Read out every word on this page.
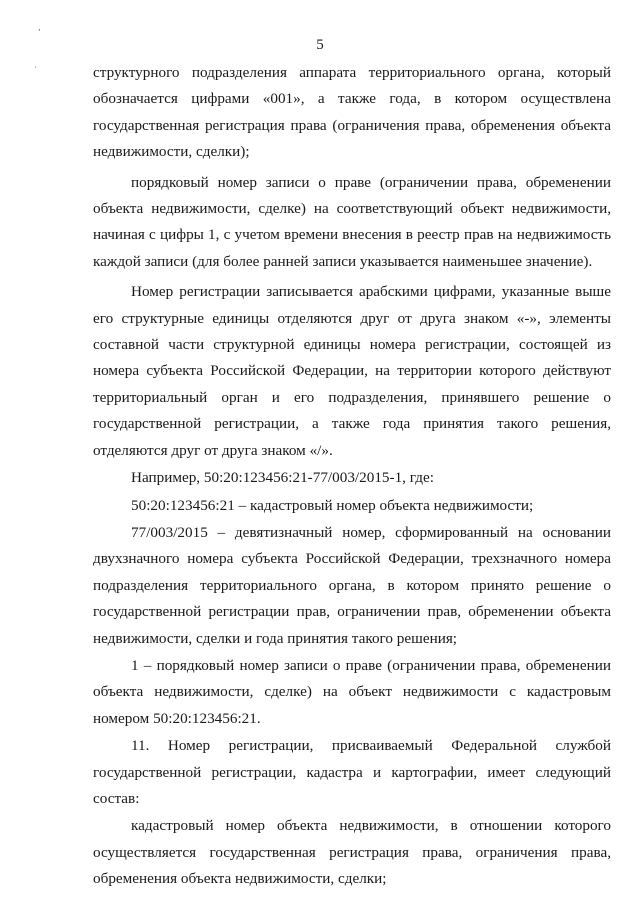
‚
·
5

структурного подразделения аппарата территориального органа, который обозначается цифрами «001», а также года, в котором осуществлена государственная регистрация права (ограничения права, обременения объекта недвижимости, сделки);

порядковый номер записи о праве (ограничении права, обременении объекта недвижимости, сделке) на соответствующий объект недвижимости, начиная с цифры 1, с учетом времени внесения в реестр прав на недвижимость каждой записи (для более ранней записи указывается наименьшее значение).

Номер регистрации записывается арабскими цифрами, указанные выше его структурные единицы отделяются друг от друга знаком «-», элементы составной части структурной единицы номера регистрации, состоящей из номера субъекта Российской Федерации, на территории которого действуют территориальный орган и его подразделения, принявшего решение о государственной регистрации, а также года принятия такого решения, отделяются друг от друга знаком «/».

Например, 50:20:123456:21-77/003/2015-1, где:

50:20:123456:21 – кадастровый номер объекта недвижимости;

77/003/2015 – девятизначный номер, сформированный на основании двухзначного номера субъекта Российской Федерации, трехзначного номера подразделения территориального органа, в котором принято решение о государственной регистрации прав, ограничении прав, обременении объекта недвижимости, сделки и года принятия такого решения;

1 – порядковый номер записи о праве (ограничении права, обременении объекта недвижимости, сделке) на объект недвижимости с кадастровым номером 50:20:123456:21.

11. Номер регистрации, присваиваемый Федеральной службой государственной регистрации, кадастра и картографии, имеет следующий состав:

кадастровый номер объекта недвижимости, в отношении которого осуществляется государственная регистрация права, ограничения права, обременения объекта недвижимости, сделки;
